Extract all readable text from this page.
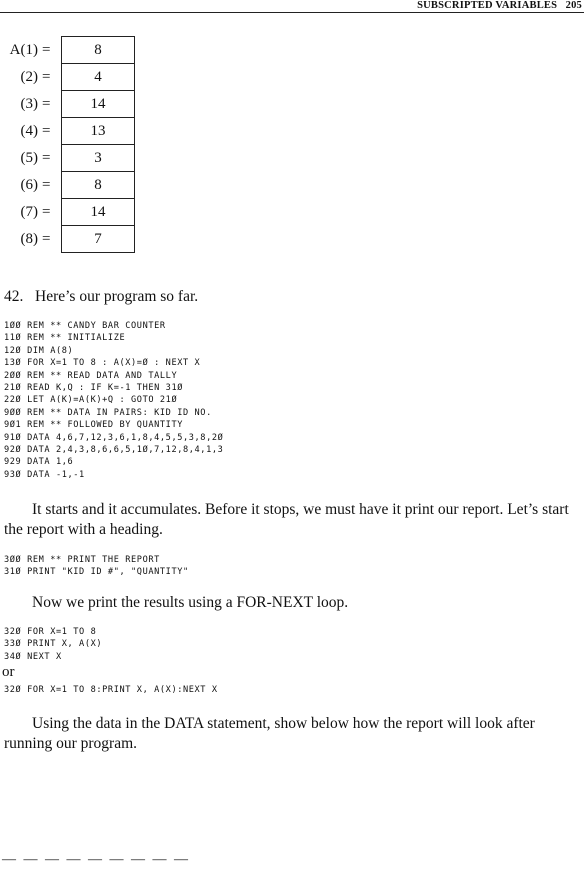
SUBSCRIPTED VARIABLES 205
A(1) =	8
(2) =	4
(3) =	14
(4) =	13
(5) =	3
(6) =	8
(7) =	14
(8) =	7
42. Here’s our program so far.
1ØØ REM ** CANDY BAR COUNTER
11Ø REM ** INITIALIZE
12Ø DIM A(8)
13Ø FOR X=1 TO 8 : A(X)=Ø : NEXT X
2ØØ REM ** READ DATA AND TALLY
21Ø READ K,Q : IF K=-1 THEN 31Ø
22Ø LET A(K)=A(K)+Q : GOTO 21Ø
9ØØ REM ** DATA IN PAIRS: KID ID NO.
9Ø1 REM ** FOLLOWED BY QUANTITY
91Ø DATA 4,6,7,12,3,6,1,8,4,5,5,3,8,2Ø
92Ø DATA 2,4,3,8,6,6,5,1Ø,7,12,8,4,1,3
929 DATA 1,6
93Ø DATA -1,-1
It starts and it accumulates. Before it stops, we must have it print our report. Let’s start the report with a heading.
3ØØ REM ** PRINT THE REPORT
31Ø PRINT "KID ID #", "QUANTITY"
Now we print the results using a FOR-NEXT loop.
32Ø FOR X=1 TO 8
33Ø PRINT X, A(X)
34Ø NEXT X
or
32Ø FOR X=1 TO 8:PRINT X, A(X):NEXT X
Using the data in the DATA statement, show below how the report will look after running our program.
— — — — — — — — —
